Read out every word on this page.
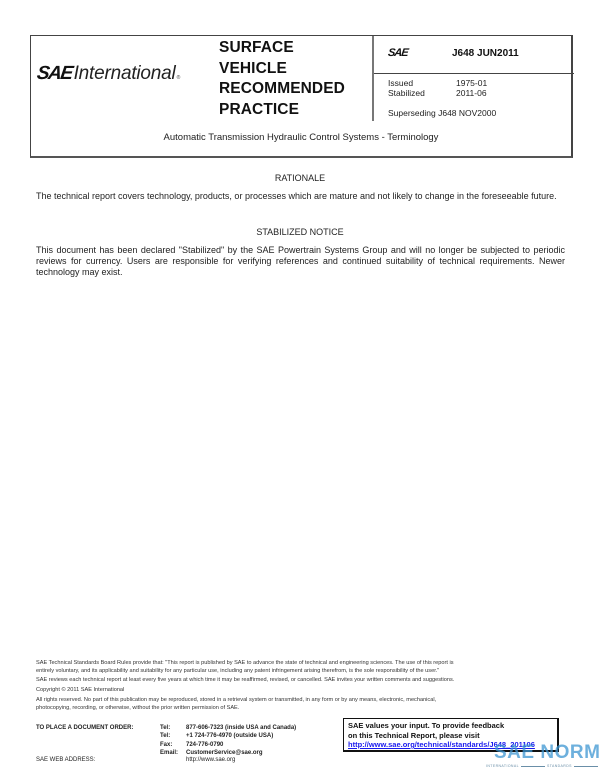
SAE International ®
SURFACE
VEHICLE
RECOMMENDED
PRACTICE
SAE	J648 JUN2011
Issued	1975-01
Stabilized	2011-06
Superseding J648 NOV2000
Automatic Transmission Hydraulic Control Systems - Terminology
RATIONALE
The technical report covers technology, products, or processes which are mature and not likely to change in the foreseeable future.
STABILIZED NOTICE
This document has been declared "Stabilized" by the SAE Powertrain Systems Group and will no longer be subjected to periodic reviews for currency. Users are responsible for verifying references and continued suitability of technical requirements. Newer technology may exist.
SAE Technical Standards Board Rules provide that: "This report is published by SAE to advance the state of technical and engineering sciences. The use of this report is
entirely voluntary, and its applicability and suitability for any particular use, including any patent infringement arising therefrom, is the sole responsibility of the user."
SAE reviews each technical report at least every five years at which time it may be reaffirmed, revised, or cancelled. SAE invites your written comments and suggestions.
Copyright © 2011 SAE International
All rights reserved. No part of this publication may be reproduced, stored in a retrieval system or transmitted, in any form or by any means, electronic, mechanical,
photocopying, recording, or otherwise, without the prior written permission of SAE.
TO PLACE A DOCUMENT ORDER:	Tel:	877-606-7323 (inside USA and Canada)
Tel:	+1 724-776-4970 (outside USA)
Fax:	724-776-0790
Email:	CustomerService@sae.org
SAE WEB ADDRESS:	http://www.sae.org
SAE values your input. To provide feedback
on this Technical Report, please visit
http://www.sae.org/technical/standards/J648_201106
SAE NORM
INTERNATIONAL	STANDARDS
